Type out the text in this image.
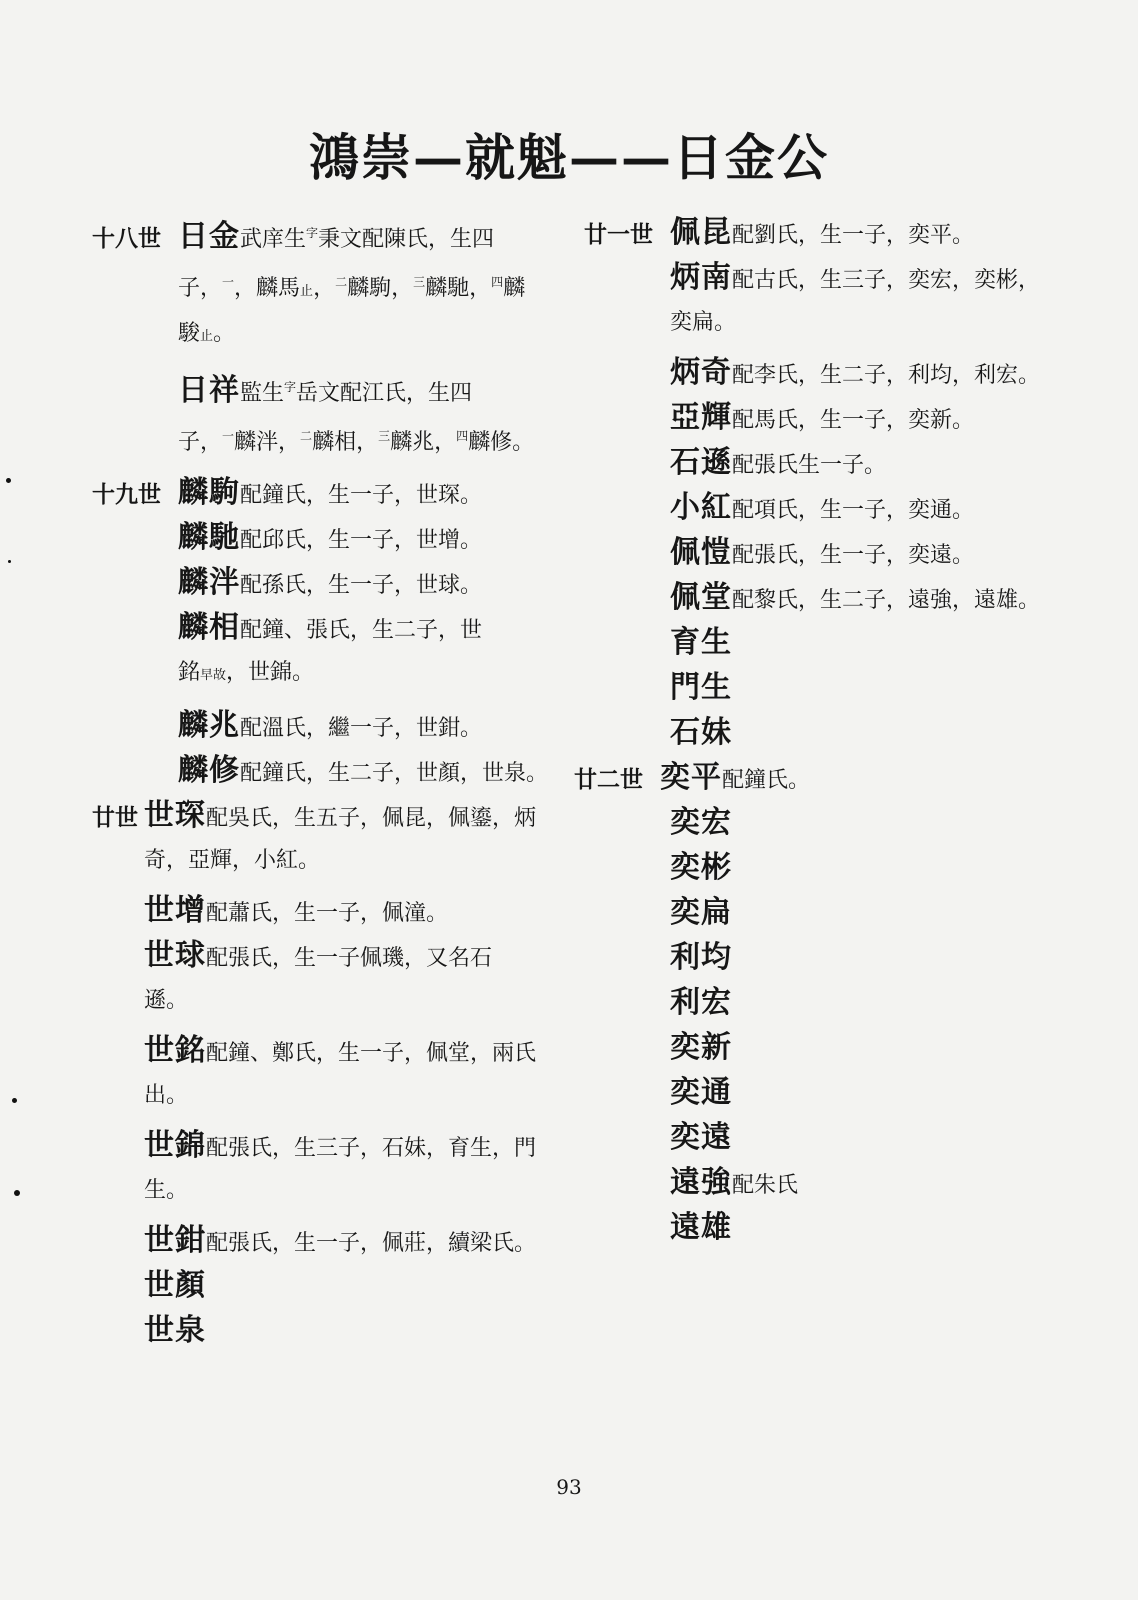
鴻崇—就魁——日金公
十八世 日金武庠生$^字$秉文配陳氏，生四
子，$^一$，麟馬止，$^二$麟駒，$^三$麟馳，$^四$麟
駿止。
日祥監生$^字$岳文配江氏，生四
子，$^一$麟泮，$^二$麟相，$^三$麟兆，$^四$麟修。
十九世 麟駒配鐘氏，生一子，世琛。
麟馳配邱氏，生一子，世增。
麟泮配孫氏，生一子，世球。
麟相配鐘、張氏，生二子，世
銘早故，世錦。
麟兆配溫氏，繼一子，世鉗。
麟修配鐘氏，生二子，世顏，世泉。
廿世 世琛配吳氏，生五子，佩昆，佩鎏，炳
奇，亞輝，小紅。
世增配蕭氏，生一子，佩潼。
世球配張氏，生一子佩璣，又名石
遜。
世銘配鐘、鄭氏，生一子，佩堂，兩氏
出。
世錦配張氏，生三子，石妹，育生，門
生。
世鉗配張氏，生一子，佩莊，續梁氏。
世顏
世泉
廿一世 佩昆配劉氏，生一子，奕平。
炳南配古氏，生三子，奕宏，奕彬，
奕扁。
炳奇配李氏，生二子，利均，利宏。
亞輝配馬氏，生一子，奕新。
石遜配張氏生一子。
小紅配項氏，生一子，奕通。
佩愷配張氏，生一子，奕遠。
佩堂配黎氏，生二子，遠強，遠雄。
育生
門生
石妹
廿二世 奕平配鐘氏。
奕宏
奕彬
奕扁
利均
利宏
奕新
奕通
奕遠
遠強配朱氏
遠雄
93
